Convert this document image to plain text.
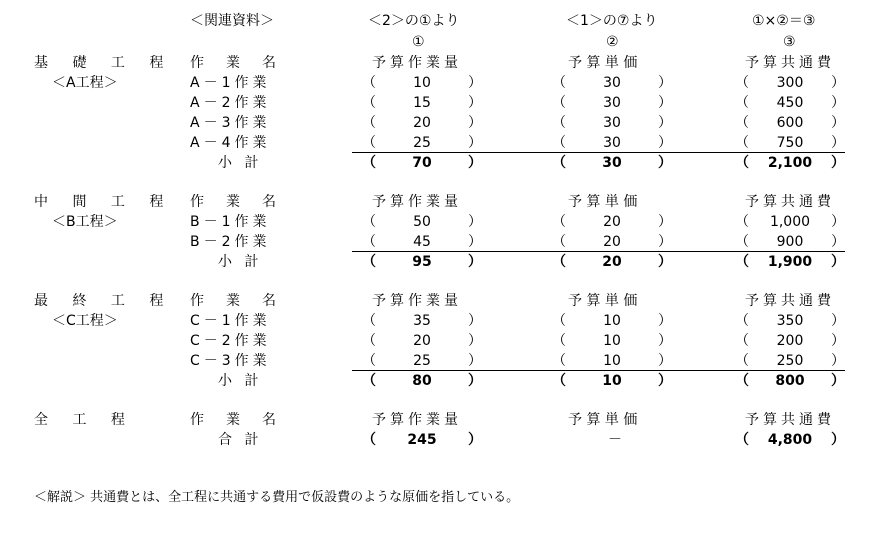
＜関連資料＞	＜2＞の①より	＜1＞の⑦より	①×②＝③
①	②	③
基 礎 工 程
＜A工程＞
作　業　名	予算作業量	予 算 単 価	予算共通費
A－1作業	（	10	）	（	30	）	（	300	）
A－2作業	（	15	）	（	30	）	（	450	）
A－3作業	（	20	）	（	30	）	（	600	）
A－4作業	（	25	）	（	30	）	（	750	）
小 計	（	70	）	（	30	）	（	2,100	）
中 間 工 程
＜B工程＞
作　業　名	予算作業量	予 算 単 価	予算共通費
B－1作業	（	50	）	（	20	）	（	1,000	）
B－2作業	（	45	）	（	20	）	（	900	）
小 計	（	95	）	（	20	）	（	1,900	）
最 終 工 程
＜C工程＞
作　業　名	予算作業量	予 算 単 価	予算共通費
C－1作業	（	35	）	（	10	）	（	350	）
C－2作業	（	20	）	（	10	）	（	200	）
C－3作業	（	25	）	（	10	）	（	250	）
小 計	（	80	）	（	10	）	（	800	）
全 工 程	作　業　名	予算作業量	予 算 単 価	予算共通費
合 計	（	245	）	－	（	4,800	）
＜解説＞ 共通費とは、全工程に共通する費用で仮設費のような原価を指している。
